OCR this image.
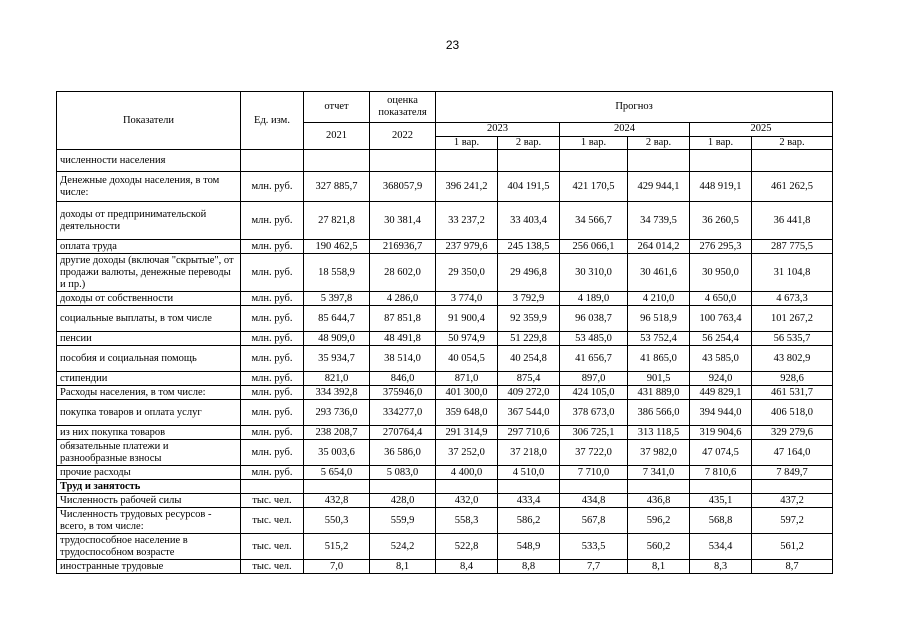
23
Показатели	Ед. изм.	отчет	оценка показателя	Прогноз					
		2021	2022	2023		2024		2025	
				1 вар.	2 вар.	1 вар.	2 вар.	1 вар.	2 вар.
численности населения									
Денежные доходы населения, в том числе:	млн. руб.	327 885,7	368057,9	396 241,2	404 191,5	421 170,5	429 944,1	448 919,1	461 262,5
доходы от предпринимательской деятельности	млн. руб.	27 821,8	30 381,4	33 237,2	33 403,4	34 566,7	34 739,5	36 260,5	36 441,8
оплата труда	млн. руб.	190 462,5	216936,7	237 979,6	245 138,5	256 066,1	264 014,2	276 295,3	287 775,5
другие доходы (включая "скрытые", от продажи валюты, денежные переводы и пр.)	млн. руб.	18 558,9	28 602,0	29 350,0	29 496,8	30 310,0	30 461,6	30 950,0	31 104,8
доходы от собственности	млн. руб.	5 397,8	4 286,0	3 774,0	3 792,9	4 189,0	4 210,0	4 650,0	4 673,3
социальные выплаты, в том числе	млн. руб.	85 644,7	87 851,8	91 900,4	92 359,9	96 038,7	96 518,9	100 763,4	101 267,2
пенсии	млн. руб.	48 909,0	48 491,8	50 974,9	51 229,8	53 485,0	53 752,4	56 254,4	56 535,7
пособия и социальная помощь	млн. руб.	35 934,7	38 514,0	40 054,5	40 254,8	41 656,7	41 865,0	43 585,0	43 802,9
стипендии	млн. руб.	821,0	846,0	871,0	875,4	897,0	901,5	924,0	928,6
Расходы населения, в том числе:	млн. руб.	334 392,8	375946,0	401 300,0	409 272,0	424 105,0	431 889,0	449 829,1	461 531,7
покупка товаров и оплата услуг	млн. руб.	293 736,0	334277,0	359 648,0	367 544,0	378 673,0	386 566,0	394 944,0	406 518,0
из них покупка товаров	млн. руб.	238 208,7	270764,4	291 314,9	297 710,6	306 725,1	313 118,5	319 904,6	329 279,6
обязательные платежи и разнообразные взносы	млн. руб.	35 003,6	36 586,0	37 252,0	37 218,0	37 722,0	37 982,0	47 074,5	47 164,0
прочие расходы	млн. руб.	5 654,0	5 083,0	4 400,0	4 510,0	7 710,0	7 341,0	7 810,6	7 849,7
Труд и занятость									
Численность рабочей силы	тыс. чел.	432,8	428,0	432,0	433,4	434,8	436,8	435,1	437,2
Численность трудовых ресурсов - всего, в том числе:	тыс. чел.	550,3	559,9	558,3	586,2	567,8	596,2	568,8	597,2
трудоспособное население в трудоспособном возрасте	тыс. чел.	515,2	524,2	522,8	548,9	533,5	560,2	534,4	561,2
иностранные трудовые	тыс. чел.	7,0	8,1	8,4	8,8	7,7	8,1	8,3	8,7
